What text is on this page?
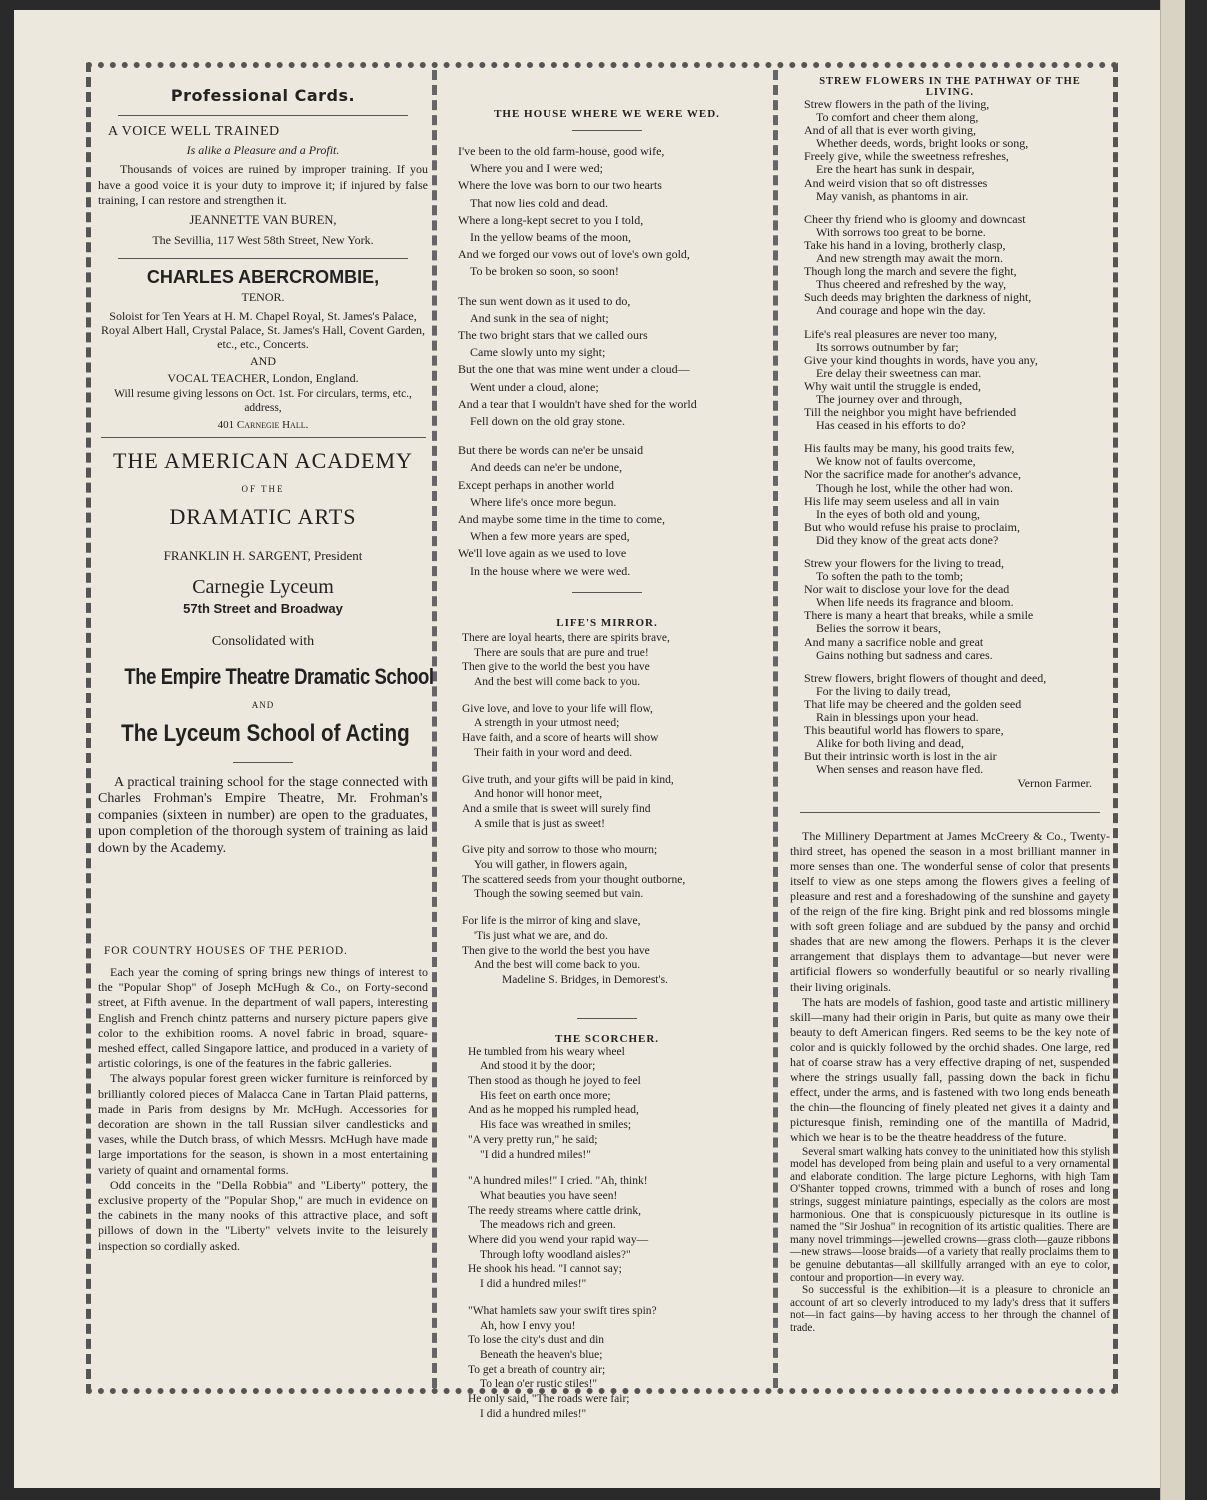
Professional Cards.
A VOICE WELL TRAINED
Is alike a Pleasure and a Profit.

Thousands of voices are ruined by improper training. If you have a good voice it is your duty to improve it; if injured by false training, I can restore and strengthen it.

JEANNETTE VAN BUREN,
The Sevillia, 117 West 58th Street, New York.
CHARLES ABERCROMBIE,
TENOR.

Soloist for Ten Years at H. M. Chapel Royal, St. James's Palace, Royal Albert Hall, Crystal Palace, St. James's Hall, Covent Garden, etc., etc., Concerts.

AND
VOCAL TEACHER, London, England.

Will resume giving lessons on Oct. 1st. For circulars, terms, etc., address,

401 Carnegie Hall.
THE AMERICAN ACADEMY
OF THE
DRAMATIC ARTS
FRANKLIN H. SARGENT, President
Carnegie Lyceum
57th Street and Broadway
Consolidated with
The Empire Theatre Dramatic School
AND
The Lyceum School of Acting

A practical training school for the stage connected with Charles Frohman's Empire Theatre, Mr. Frohman's companies (sixteen in number) are open to the graduates, upon completion of the thorough system of training as laid down by the Academy.

FOR COUNTRY HOUSES OF THE PERIOD.

Each year the coming of spring brings new things of interest to the "Popular Shop" of Joseph McHugh & Co., on Forty-second street, at Fifth avenue. In the department of wall papers, interesting English and French chintz patterns and nursery picture papers give color to the exhibition rooms. A novel fabric in broad, square-meshed effect, called Singapore lattice, and produced in a variety of artistic colorings, is one of the features in the fabric galleries.

The always popular forest green wicker furniture is reinforced by brilliantly colored pieces of Malacca Cane in Tartan Plaid patterns, made in Paris from designs by Mr. McHugh. Accessories for decoration are shown in the tall Russian silver candlesticks and vases, while the Dutch brass, of which Messrs. McHugh have made large importations for the season, is shown in a most entertaining variety of quaint and ornamental forms.

Odd conceits in the "Della Robbia" and "Liberty" pottery, the exclusive property of the "Popular Shop," are much in evidence on the cabinets in the many nooks of this attractive place, and soft pillows of down in the "Liberty" velvets invite to the leisurely inspection so cordially asked.

THE HOUSE WHERE WE WERE WED.
I've been to the old farm-house, good wife,
Where you and I were wed;
Where the love was born to our two hearts
That now lies cold and dead.
Where a long-kept secret to you I told,
In the yellow beams of the moon,
And we forged our vows out of love's own gold,
To be broken so soon, so soon!
The sun went down as it used to do,
And sunk in the sea of night;
The two bright stars that we called ours
Came slowly unto my sight;
But the one that was mine went under a cloud—
Went under a cloud, alone;
And a tear that I wouldn't have shed for the world
Fell down on the old gray stone.
But there be words can ne'er be unsaid
And deeds can ne'er be undone,
Except perhaps in another world
Where life's once more begun.
And maybe some time in the time to come,
When a few more years are sped,
We'll love again as we used to love
In the house where we were wed.
LIFE'S MIRROR.
There are loyal hearts, there are spirits brave,
There are souls that are pure and true!
Then give to the world the best you have
And the best will come back to you.
Give love, and love to your life will flow,
A strength in your utmost need;
Have faith, and a score of hearts will show
Their faith in your word and deed.
Give truth, and your gifts will be paid in kind,
And honor will honor meet,
And a smile that is sweet will surely find
A smile that is just as sweet!
Give pity and sorrow to those who mourn;
You will gather, in flowers again,
The scattered seeds from your thought outborne,
Though the sowing seemed but vain.
For life is the mirror of king and slave,
'Tis just what we are, and do.
Then give to the world the best you have
And the best will come back to you.
Madeline S. Bridges, in Demorest's.
THE SCORCHER.
He tumbled from his weary wheel
And stood it by the door;
Then stood as though he joyed to feel
His feet on earth once more;
And as he mopped his rumpled head,
His face was wreathed in smiles;
"A very pretty run," he said;
"I did a hundred miles!"
"A hundred miles!" I cried. "Ah, think!
What beauties you have seen!
The reedy streams where cattle drink,
The meadows rich and green.
Where did you wend your rapid way—
Through lofty woodland aisles?"
He shook his head. "I cannot say;
I did a hundred miles!"
"What hamlets saw your swift tires spin?
Ah, how I envy you!
To lose the city's dust and din
Beneath the heaven's blue;
To get a breath of country air;
To lean o'er rustic stiles!"
He only said, "The roads were fair;
I did a hundred miles!"
STREW FLOWERS IN THE PATHWAY OF THE LIVING.
Strew flowers in the path of the living,
To comfort and cheer them along,
And of all that is ever worth giving,
Whether deeds, words, bright looks or song,
Freely give, while the sweetness refreshes,
Ere the heart has sunk in despair,
And weird vision that so oft distresses
May vanish, as phantoms in air.
Cheer thy friend who is gloomy and downcast
With sorrows too great to be borne.
Take his hand in a loving, brotherly clasp,
And new strength may await the morn.
Though long the march and severe the fight,
Thus cheered and refreshed by the way,
Such deeds may brighten the darkness of night,
And courage and hope win the day.
Life's real pleasures are never too many,
Its sorrows outnumber by far;
Give your kind thoughts in words, have you any,
Ere delay their sweetness can mar.
Why wait until the struggle is ended,
The journey over and through,
Till the neighbor you might have befriended
Has ceased in his efforts to do?
His faults may be many, his good traits few,
We know not of faults overcome,
Nor the sacrifice made for another's advance,
Though he lost, while the other had won.
His life may seem useless and all in vain
In the eyes of both old and young,
But who would refuse his praise to proclaim,
Did they know of the great acts done?
Strew your flowers for the living to tread,
To soften the path to the tomb;
Nor wait to disclose your love for the dead
When life needs its fragrance and bloom.
There is many a heart that breaks, while a smile
Belies the sorrow it bears,
And many a sacrifice noble and great
Gains nothing but sadness and cares.
Strew flowers, bright flowers of thought and deed,
For the living to daily tread,
That life may be cheered and the golden seed
Rain in blessings upon your head.
This beautiful world has flowers to spare,
Alike for both living and dead,
But their intrinsic worth is lost in the air
When senses and reason have fled.
Vernon Farmer.

The Millinery Department at James McCreery & Co., Twenty-third street, has opened the season in a most brilliant manner in more senses than one. The wonderful sense of color that presents itself to view as one steps among the flowers gives a feeling of pleasure and rest and a foreshadowing of the sunshine and gayety of the reign of the fire king. Bright pink and red blossoms mingle with soft green foliage and are subdued by the pansy and orchid shades that are new among the flowers. Perhaps it is the clever arrangement that displays them to advantage—but never were artificial flowers so wonderfully beautiful or so nearly rivalling their living originals.

The hats are models of fashion, good taste and artistic millinery skill—many had their origin in Paris, but quite as many owe their beauty to deft American fingers. Red seems to be the key note of color and is quickly followed by the orchid shades. One large, red hat of coarse straw has a very effective draping of net, suspended where the strings usually fall, passing down the back in fichu effect, under the arms, and is fastened with two long ends beneath the chin—the flouncing of finely pleated net gives it a dainty and picturesque finish, reminding one of the mantilla of Madrid, which we hear is to be the theatre headdress of the future.

Several smart walking hats convey to the uninitiated how this stylish model has developed from being plain and useful to a very ornamental and elaborate condition. The large picture Leghorns, with high Tam O'Shanter topped crowns, trimmed with a bunch of roses and long strings, suggest miniature paintings, especially as the colors are most harmonious. One that is conspicuously picturesque in its outline is named the "Sir Joshua" in recognition of its artistic qualities. There are many novel trimmings—jewelled crowns—grass cloth—gauze ribbons—new straws—loose braids—of a variety that really proclaims them to be genuine debutantas—all skillfully arranged with an eye to color, contour and proportion—in every way.

So successful is the exhibition—it is a pleasure to chronicle an account of art so cleverly introduced to my lady's dress that it suffers not—in fact gains—by having access to her through the channel of trade.
